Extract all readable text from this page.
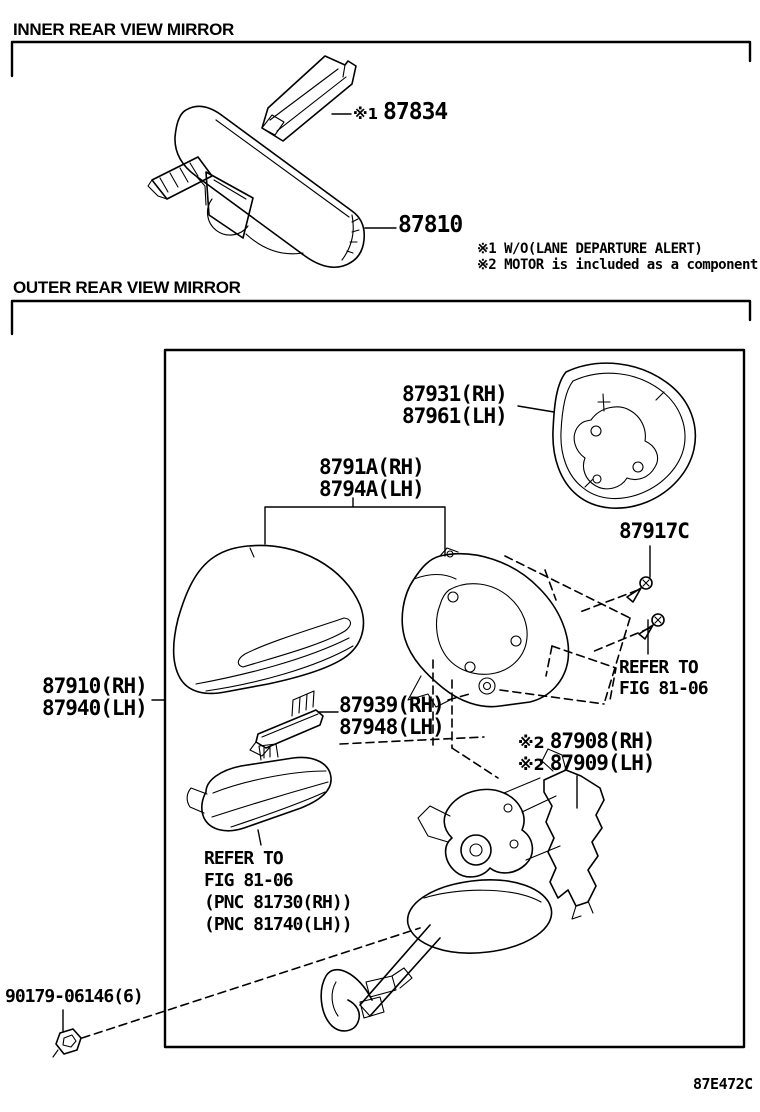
INNER REAR VIEW MIRROR
OUTER REAR VIEW MIRROR
※1 87834
87810
※1 W/O(LANE DEPARTURE ALERT)
※2 MOTOR is included as a component
87931(RH)
87961(LH)
8791A(RH)
8794A(LH)
87917C
87910(RH)
87940(LH)	87939(RH)
87948(LH)
※2 87908(RH)
※2 87909(LH)
REFER TO
FIG 81-06
REFER TO
FIG 81-06
(PNC 81730(RH))
(PNC 81740(LH))
90179-06146(6)
87E472C
